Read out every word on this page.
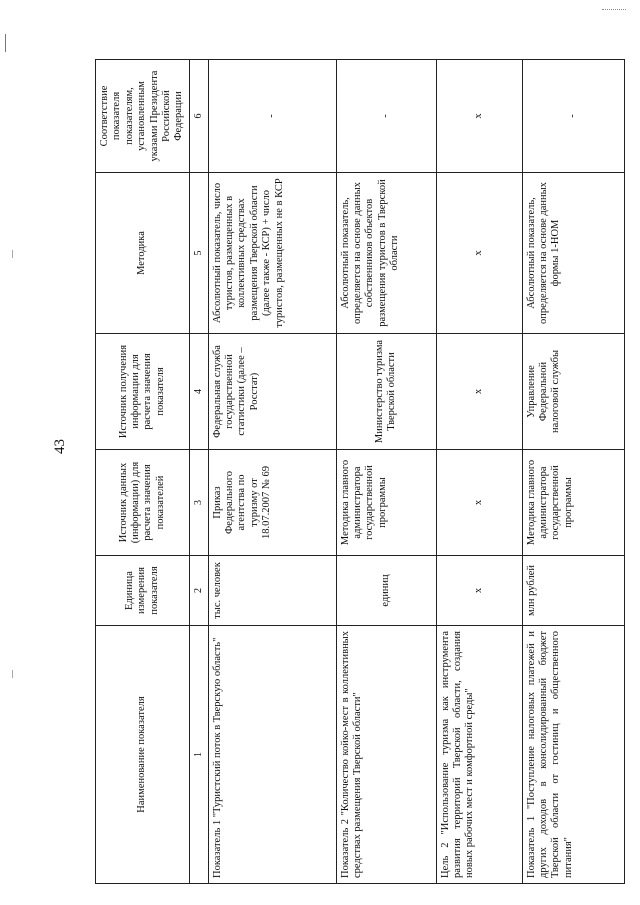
43
Наименование показателя	Единица измерения показателя	Источник данных (информации) для расчета значения показателей	Источник получения информации для расчета значения показателя	Методика	Соответствие показателя показателям, установленным указами Президента Российской Федерации
1	2	3	4	5	6
Показатель 1 "Туристский поток в Тверскую область"	тыс. человек	Приказ Федерального агентства по туризму от 18.07.2007 № 69	Федеральная служба государственной статистики (далее – Росстат)	Абсолютный показатель, число туристов, размещенных в коллективных средствах размещения Тверской области (далее также - КСР) + число туристов, размещенных не в КСР	-
Показатель 2 "Количество койко-мест в коллективных средствах размещения Тверской области"	единиц	Методика главного администратора государственной программы	Министерство туризма Тверской области	Абсолютный показатель, определяется на основе данных собственников объектов размещения туристов в Тверской области	-
Цель 2 "Использование туризма как инструмента развития территорий Тверской области, создания новых рабочих мест и комфортной среды"	х	х	х	х	х
Показатель 1 "Поступление налоговых платежей и других доходов в консолидированный бюджет Тверской области от гостиниц и общественного питания"	млн рублей	Методика главного администратора государственной программы	Управление Федеральной налоговой службы	Абсолютный показатель, определяется на основе данных формы 1-НОМ	-
